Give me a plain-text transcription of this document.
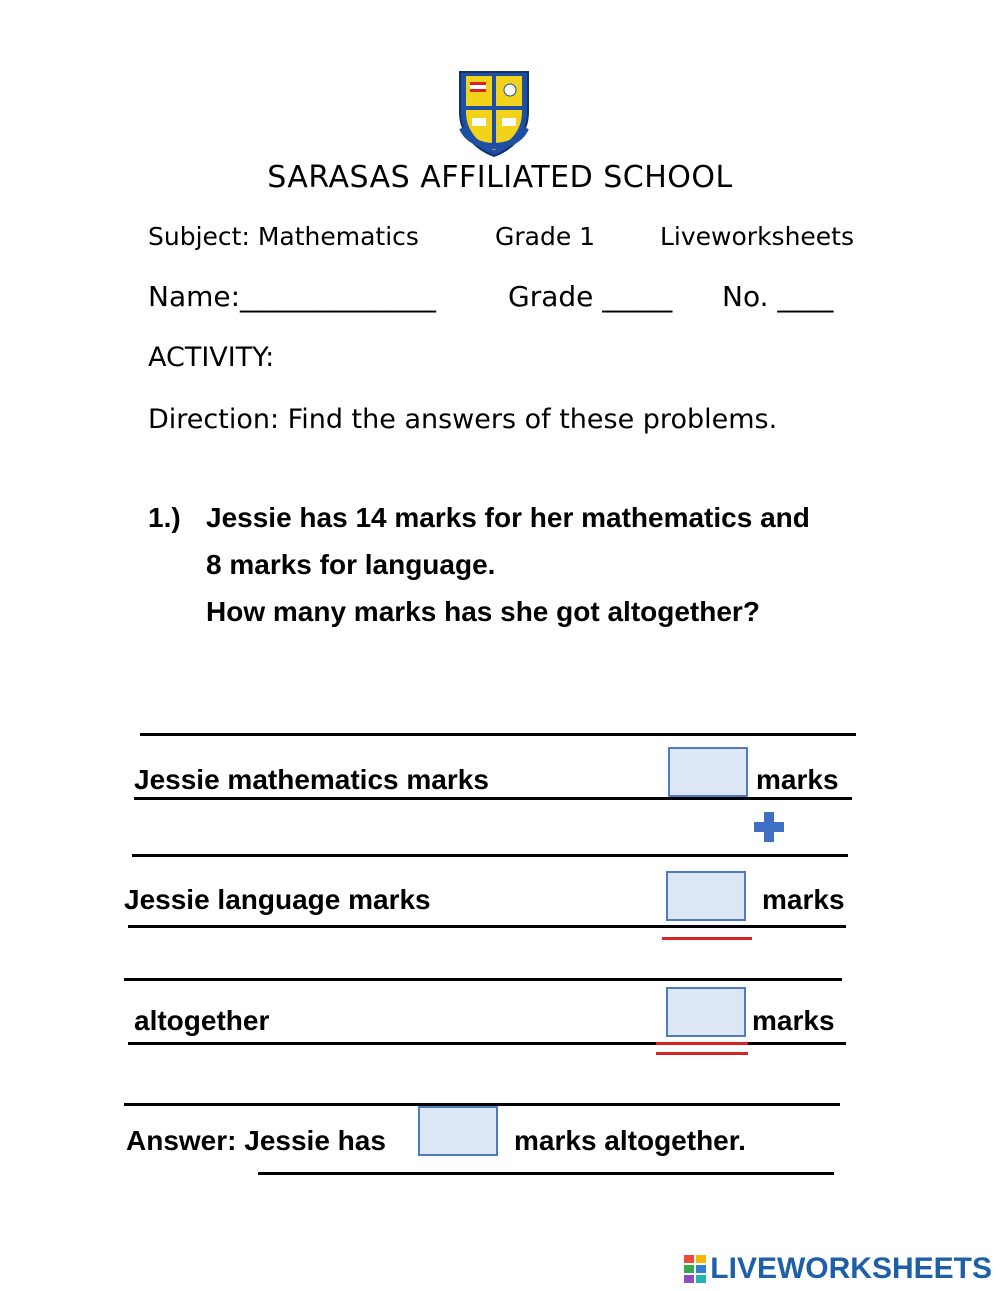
SARASAS AFFILIATED SCHOOL
Subject: Mathematics	Grade 1	Liveworksheets
Name:______________	Grade _____ No. ____
ACTIVITY:
Direction: Find the answers of these problems.
1.) Jessie has 14 marks for her mathematics and
8 marks for language.
How many marks has she got altogether?
Jessie mathematics marks	marks
Jessie language marks	marks
altogether	marks
Answer: Jessie has	marks altogether.
LIVEWORKSHEETS
